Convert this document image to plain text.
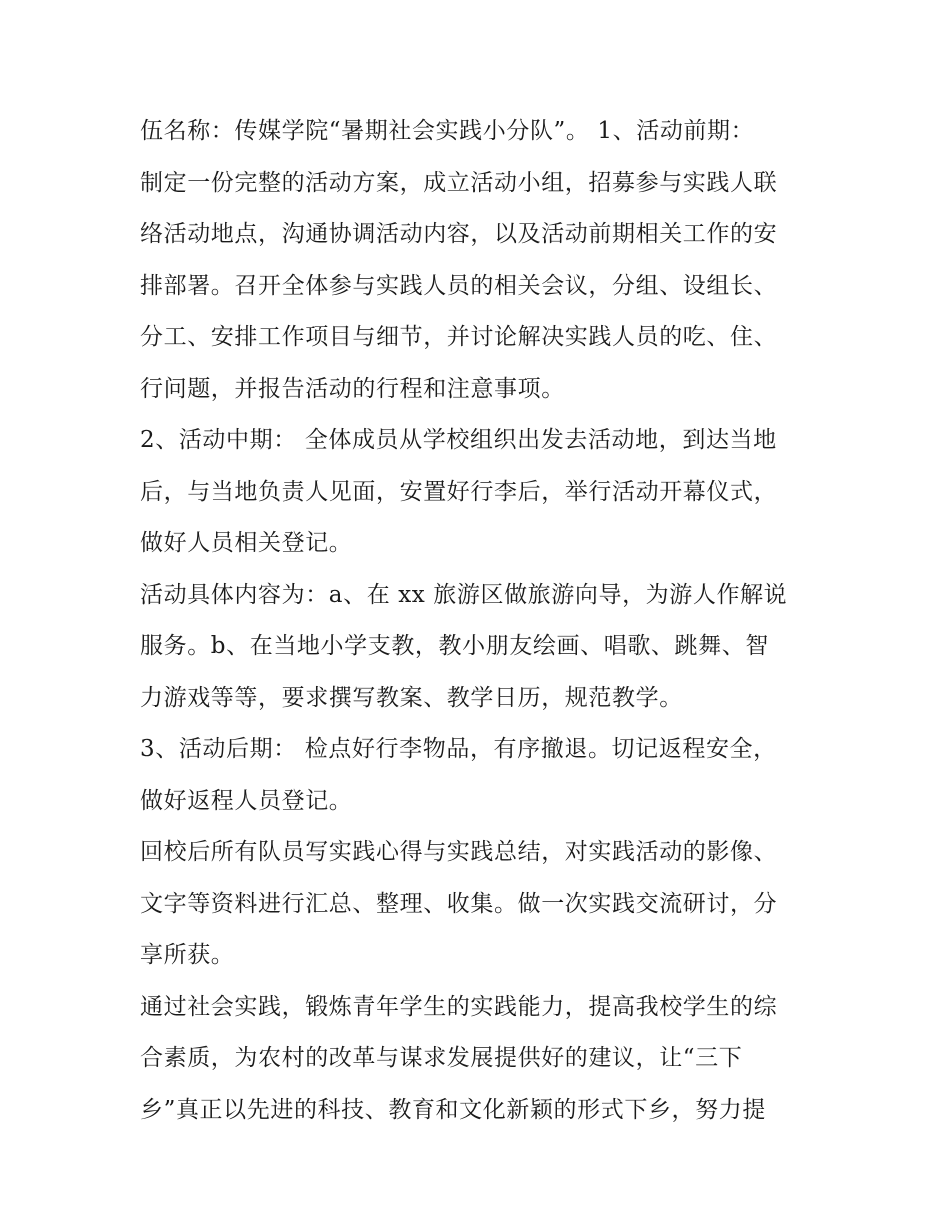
伍名称：传媒学院“暑期社会实践小分队”。 1、活动前期：
制定一份完整的活动方案，成立活动小组，招募参与实践人联
络活动地点，沟通协调活动内容，以及活动前期相关工作的安
排部署。召开全体参与实践人员的相关会议，分组、设组长、
分工、安排工作项目与细节，并讨论解决实践人员的吃、住、
行问题，并报告活动的行程和注意事项。
2、活动中期： 全体成员从学校组织出发去活动地，到达当地
后，与当地负责人见面，安置好行李后，举行活动开幕仪式，
做好人员相关登记。
活动具体内容为：a、在 xx 旅游区做旅游向导，为游人作解说
服务。b、在当地小学支教，教小朋友绘画、唱歌、跳舞、智
力游戏等等，要求撰写教案、教学日历，规范教学。
3、活动后期： 检点好行李物品，有序撤退。切记返程安全，
做好返程人员登记。
回校后所有队员写实践心得与实践总结，对实践活动的影像、
文字等资料进行汇总、整理、收集。做一次实践交流研讨，分
享所获。
通过社会实践，锻炼青年学生的实践能力，提高我校学生的综
合素质，为农村的改革与谋求发展提供好的建议，让“三下
乡”真正以先进的科技、教育和文化新颖的形式下乡，努力提
